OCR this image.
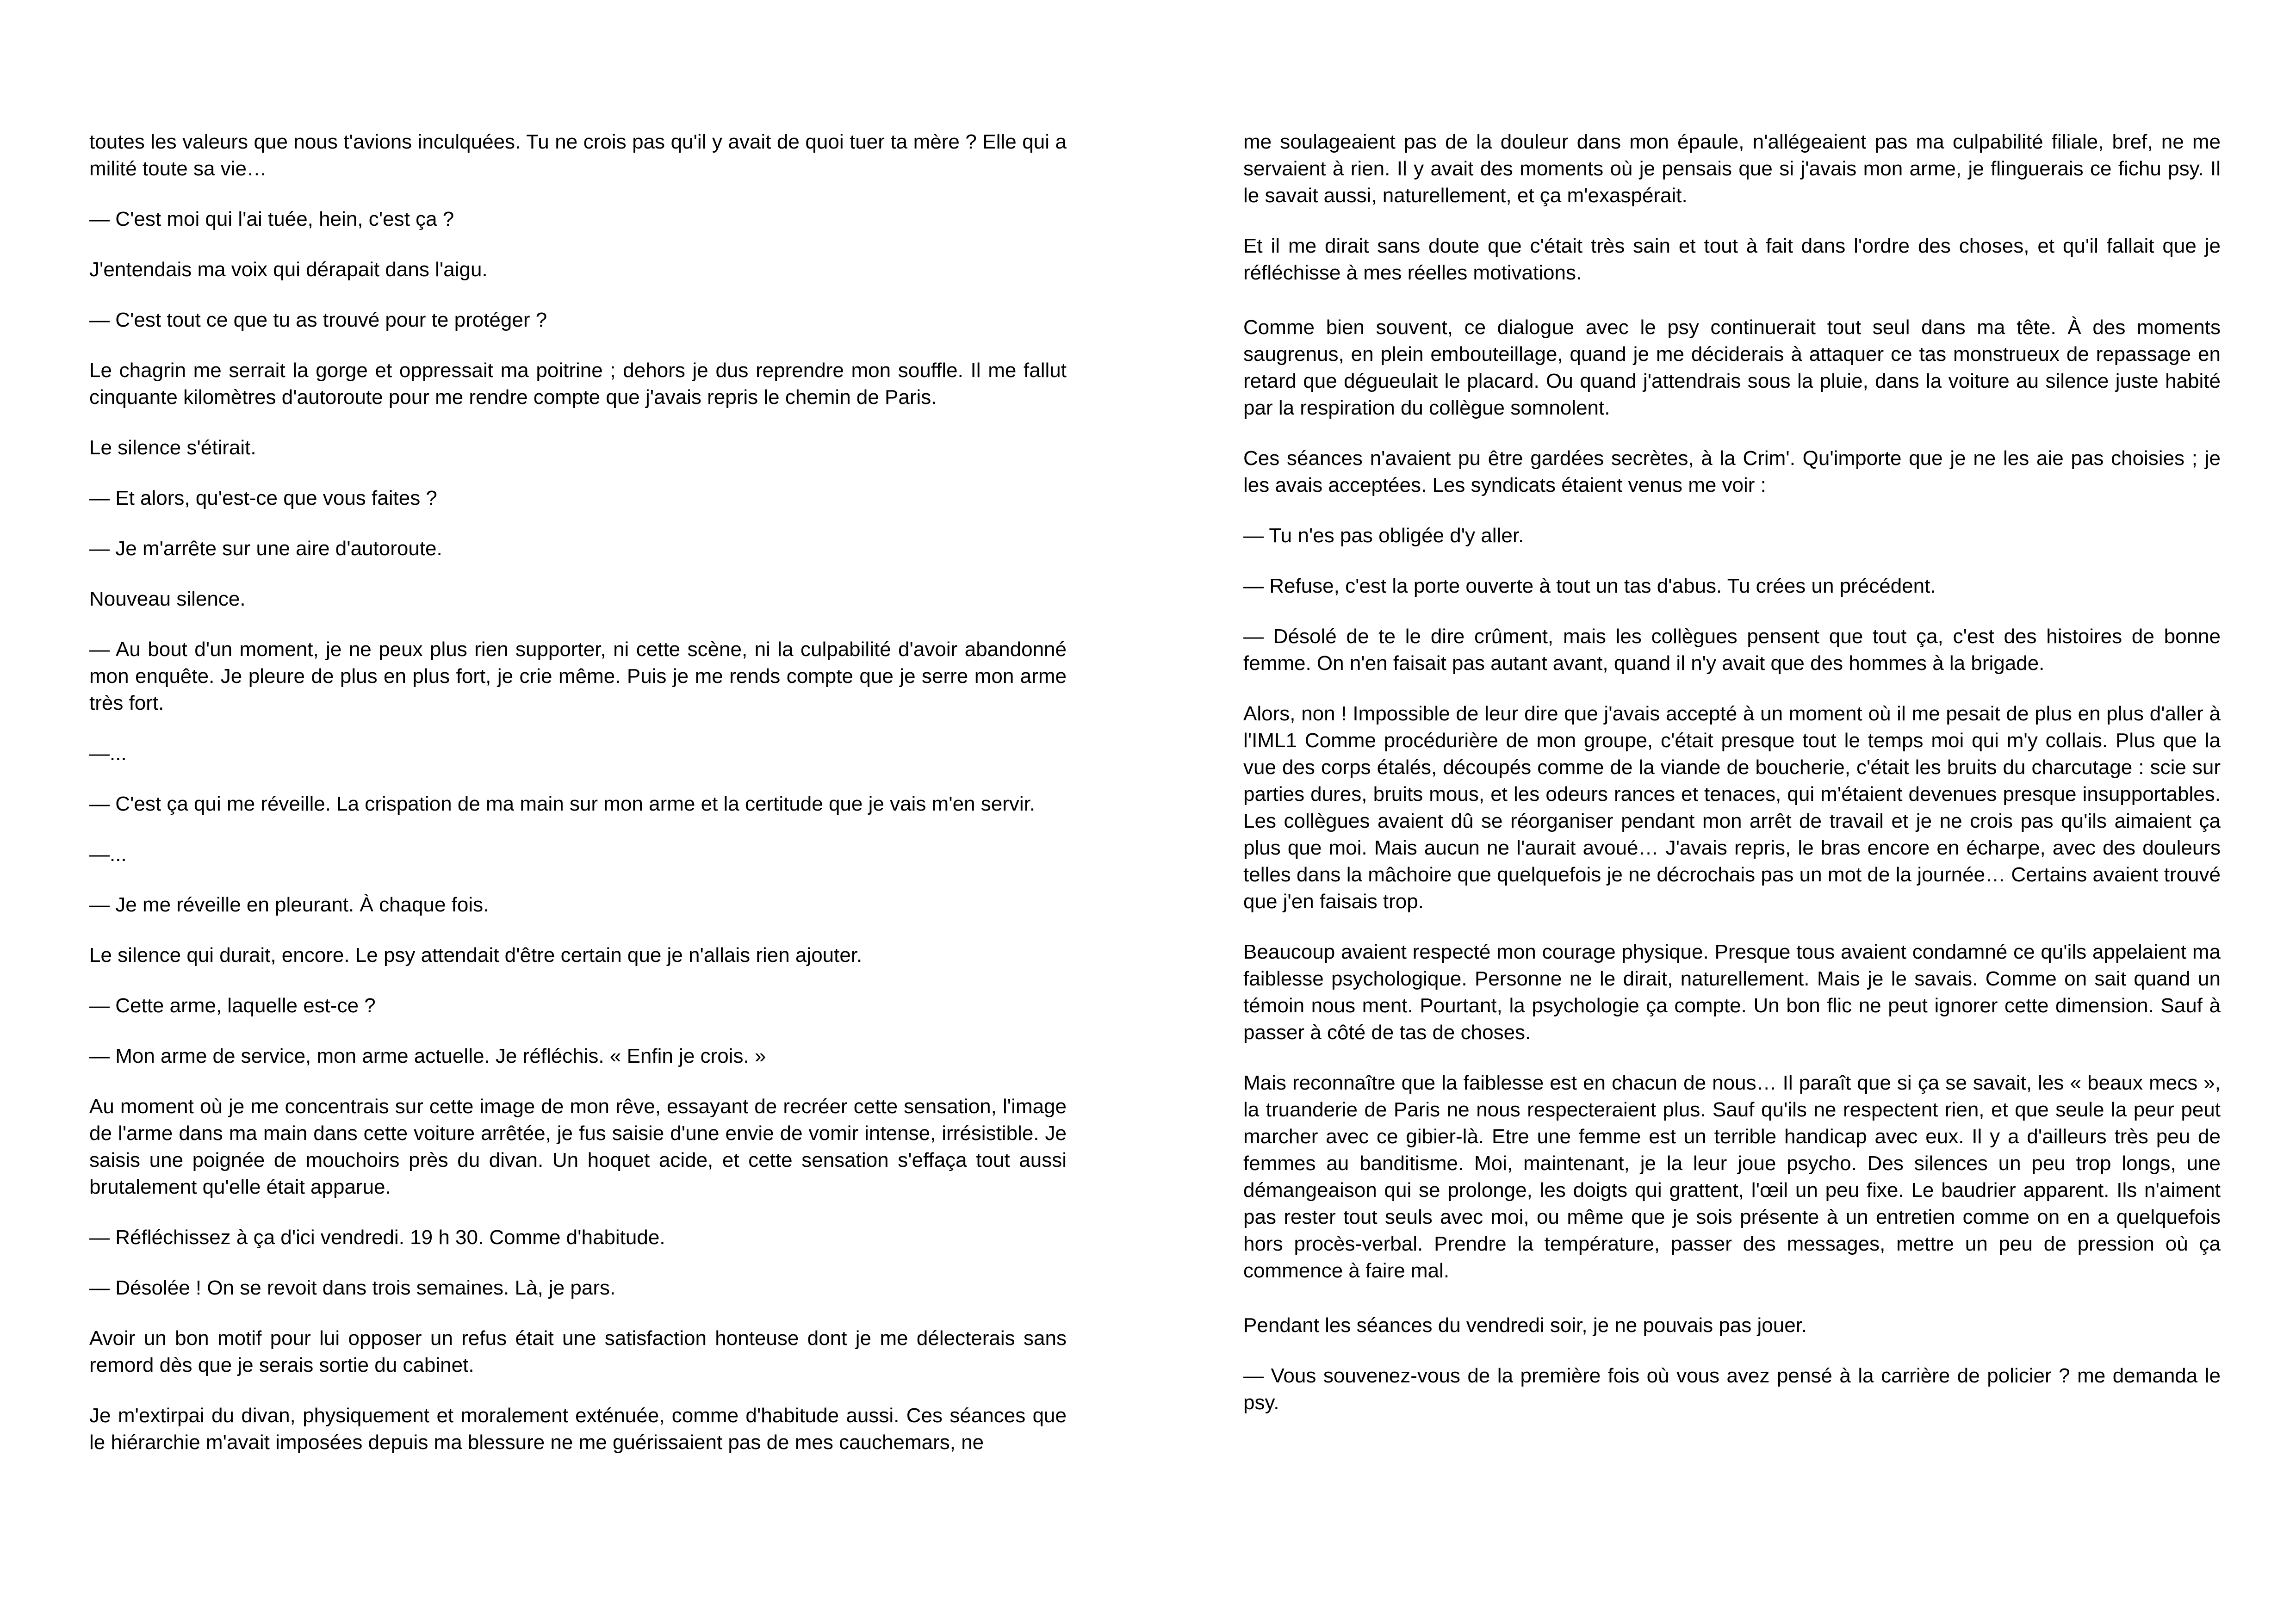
toutes les valeurs que nous t'avions inculquées. Tu ne crois pas qu'il y avait de quoi tuer ta mère ? Elle qui a milité toute sa vie…

— C'est moi qui l'ai tuée, hein, c'est ça ?

J'entendais ma voix qui dérapait dans l'aigu.

— C'est tout ce que tu as trouvé pour te protéger ?

Le chagrin me serrait la gorge et oppressait ma poitrine ; dehors je dus reprendre mon souffle. Il me fallut cinquante kilomètres d'autoroute pour me rendre compte que j'avais repris le chemin de Paris.

Le silence s'étirait.

— Et alors, qu'est-ce que vous faites ?

— Je m'arrête sur une aire d'autoroute.

Nouveau silence.

— Au bout d'un moment, je ne peux plus rien supporter, ni cette scène, ni la culpabilité d'avoir abandonné mon enquête. Je pleure de plus en plus fort, je crie même. Puis je me rends compte que je serre mon arme très fort.

—...

— C'est ça qui me réveille. La crispation de ma main sur mon arme et la certitude que je vais m'en servir.

—...

— Je me réveille en pleurant. À chaque fois.

Le silence qui durait, encore. Le psy attendait d'être certain que je n'allais rien ajouter.

— Cette arme, laquelle est-ce ?

— Mon arme de service, mon arme actuelle. Je réfléchis. « Enfin je crois. »

Au moment où je me concentrais sur cette image de mon rêve, essayant de recréer cette sensation, l'image de l'arme dans ma main dans cette voiture arrêtée, je fus saisie d'une envie de vomir intense, irrésistible. Je saisis une poignée de mouchoirs près du divan. Un hoquet acide, et cette sensation s'effaça tout aussi brutalement qu'elle était apparue.

— Réfléchissez à ça d'ici vendredi. 19 h 30. Comme d'habitude.

— Désolée ! On se revoit dans trois semaines. Là, je pars.

Avoir un bon motif pour lui opposer un refus était une satisfaction honteuse dont je me délecterais sans remord dès que je serais sortie du cabinet.

Je m'extirpai du divan, physiquement et moralement exténuée, comme d'habitude aussi. Ces séances que le hiérarchie m'avait imposées depuis ma blessure ne me guérissaient pas de mes cauchemars, ne

me soulageaient pas de la douleur dans mon épaule, n'allégeaient pas ma culpabilité filiale, bref, ne me servaient à rien. Il y avait des moments où je pensais que si j'avais mon arme, je flinguerais ce fichu psy. Il le savait aussi, naturellement, et ça m'exaspérait.

Et il me dirait sans doute que c'était très sain et tout à fait dans l'ordre des choses, et qu'il fallait que je réfléchisse à mes réelles motivations.

Comme bien souvent, ce dialogue avec le psy continuerait tout seul dans ma tête. À des moments saugrenus, en plein embouteillage, quand je me déciderais à attaquer ce tas monstrueux de repassage en retard que dégueulait le placard. Ou quand j'attendrais sous la pluie, dans la voiture au silence juste habité par la respiration du collègue somnolent.

Ces séances n'avaient pu être gardées secrètes, à la Crim'. Qu'importe que je ne les aie pas choisies ; je les avais acceptées. Les syndicats étaient venus me voir :

— Tu n'es pas obligée d'y aller.

— Refuse, c'est la porte ouverte à tout un tas d'abus. Tu crées un précédent.

— Désolé de te le dire crûment, mais les collègues pensent que tout ça, c'est des histoires de bonne femme. On n'en faisait pas autant avant, quand il n'y avait que des hommes à la brigade.

Alors, non ! Impossible de leur dire que j'avais accepté à un moment où il me pesait de plus en plus d'aller à l'IML1 Comme procédurière de mon groupe, c'était presque tout le temps moi qui m'y collais. Plus que la vue des corps étalés, découpés comme de la viande de boucherie, c'était les bruits du charcutage : scie sur parties dures, bruits mous, et les odeurs rances et tenaces, qui m'étaient devenues presque insupportables. Les collègues avaient dû se réorganiser pendant mon arrêt de travail et je ne crois pas qu'ils aimaient ça plus que moi. Mais aucun ne l'aurait avoué… J'avais repris, le bras encore en écharpe, avec des douleurs telles dans la mâchoire que quelquefois je ne décrochais pas un mot de la journée… Certains avaient trouvé que j'en faisais trop.

Beaucoup avaient respecté mon courage physique. Presque tous avaient condamné ce qu'ils appelaient ma faiblesse psychologique. Personne ne le dirait, naturellement. Mais je le savais. Comme on sait quand un témoin nous ment. Pourtant, la psychologie ça compte. Un bon flic ne peut ignorer cette dimension. Sauf à passer à côté de tas de choses.

Mais reconnaître que la faiblesse est en chacun de nous… Il paraît que si ça se savait, les « beaux mecs », la truanderie de Paris ne nous respecteraient plus. Sauf qu'ils ne respectent rien, et que seule la peur peut marcher avec ce gibier-là. Etre une femme est un terrible handicap avec eux. Il y a d'ailleurs très peu de femmes au banditisme. Moi, maintenant, je la leur joue psycho. Des silences un peu trop longs, une démangeaison qui se prolonge, les doigts qui grattent, l'œil un peu fixe. Le baudrier apparent. Ils n'aiment pas rester tout seuls avec moi, ou même que je sois présente à un entretien comme on en a quelquefois hors procès-verbal. Prendre la température, passer des messages, mettre un peu de pression où ça commence à faire mal.

Pendant les séances du vendredi soir, je ne pouvais pas jouer.

— Vous souvenez-vous de la première fois où vous avez pensé à la carrière de policier ? me demanda le psy.
